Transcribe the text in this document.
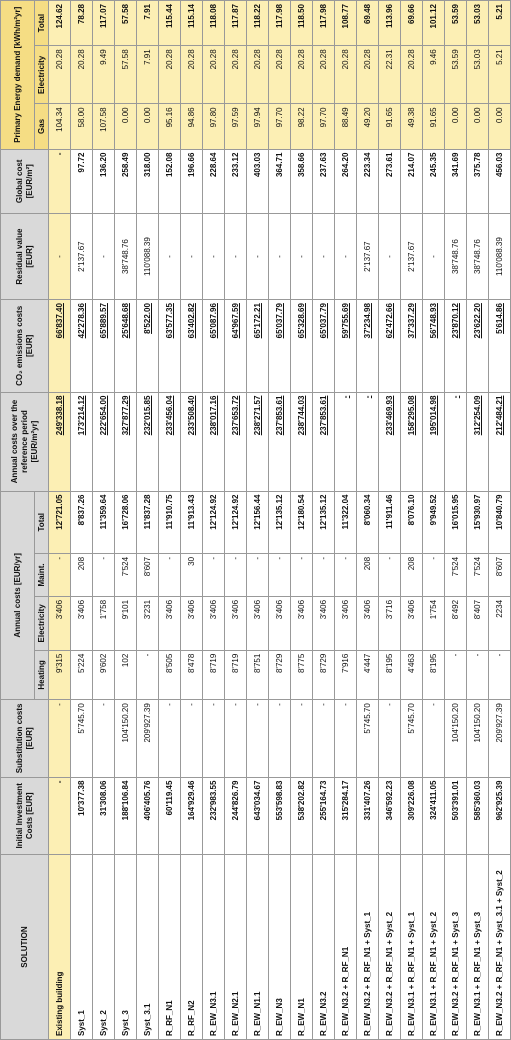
SOLUTION	Initial Investment Costs [EUR]	Substitution costs [EUR]	Annual costs [EUR/yr]				Annual costs over the reference period [EUR/m²yr]	CO₂ emissions costs [EUR]	Residual value [EUR]	Global cost [EUR/m²]	Primary Energy demand [kWh/m²yr]		
			Heating	Electricity	Maint.	Total					Gas	Electricity	Total
Existing building	-	-	9'315	3'406	-	12'721.05	249'338.18	66'837.40	-	-	104.34	20.28	124.62
Syst_1	10'377.38	5'745.70	5'224	3'406	208	8'837.26	173'214.12	42'278.36	2'137.67	97.72	58.00	20.28	78.28
Syst_2	31'308.06	-	9'602	1'758	-	11'359.64	222'654.00	65'889.57	-	136.20	107.58	9.49	117.07
Syst_3	188'106.84	104'150.20	102	9'101	7'524	16'728.06	327'877.29	25'648.68	38'748.76	258.49	0.00	57.58	57.58
Syst_3.1	406'405.76	209'927.39	-	3'231	8'607	11'837.28	232'015.85	8'522.00	110'088.39	318.00	0.00	7.91	7.91
R_RF_N1	60'119.45	-	8'505	3'406	-	11'910.75	233'456.04	63'577.35	-	152.08	95.16	20.28	115.44
R_RF_N2	164'929.46	-	8'478	3'406	30	11'913.43	233'508.40	63'402.82	-	196.66	94.86	20.28	115.14
R_EW_N3.1	232'983.55	-	8'719	3'406	-	12'124.92	238'017.16	65'087.96	-	228.64	97.80	20.28	118.08
R_EW_N2.1	244'826.79	-	8'719	3'406	-	12'124.92	237'653.72	64'967.59	-	233.12	97.59	20.28	117.87
R_EW_N1.1	643'034.67	-	8'751	3'406	-	12'156.44	238'271.57	65'172.21	-	403.03	97.94	20.28	118.22
R_EW_N3	553'598.83	-	8'729	3'406	-	12'135.12	237'853.61	65'037.79	-	364.71	97.70	20.28	117.98
R_EW_N1	538'202.82	-	8'775	3'406	-	12'180.54	238'744.03	65'328.69	-	358.66	98.22	20.28	118.50
R_EW_N3.2	255'164.73	-	8'729	3'406	-	12'135.12	237'853.61	65'037.79	-	237.63	97.70	20.28	117.98
R_EW_N3.2 + R_RF_N1	315'284.17	-	7'916	3'406	-	11'322.04	-	59'755.69	-	264.20	88.49	20.28	108.77
R_EW_N3.2 + R_RF_N1 + Syst_1	331'407.26	5'745.70	4'447	3'406	208	8'060.34	-	37'234.98	2'137.67	223.34	49.20	20.28	69.48
R_EW_N3.2 + R_RF_N1 + Syst_2	346'592.23	-	8'195	3'716	-	11'911.46	233'469.93	62'472.66	-	273.61	91.65	22.31	113.96
R_EW_N3.1 + R_RF_N1 + Syst_1	309'226.08	5'745.70	4'463	3'406	208	8'076.10	158'295.08	37'337.29	2'137.67	214.07	49.38	20.28	69.66
R_EW_N3.1 + R_RF_N1 + Syst_2	324'411.05	-	8'195	1'754	-	9'949.52	195'014.98	56'748.93	-	245.35	91.65	9.46	101.12
R_EW_N3.2 + R_RF_N1 + Syst_3	503'391.01	104'150.20	-	8'492	7'524	16'015.95	-	23'870.12	38'748.76	341.69	0.00	53.59	53.59
R_EW_N3.1 + R_RF_N1 + Syst_3	585'360.03	104'150.20	-	8'407	7'524	15'930.97	312'254.09	23'622.20	38'748.76	375.78	0.00	53.03	53.03
R_EW_N3.2 + R_RF_N1 + Syst_3.1 + Syst_2	962'925.39	209'927.39	-	2234	8'607	10'840.79	212'484.21	5'614.86	110'088.39	456.03	0.00	5.21	5.21
